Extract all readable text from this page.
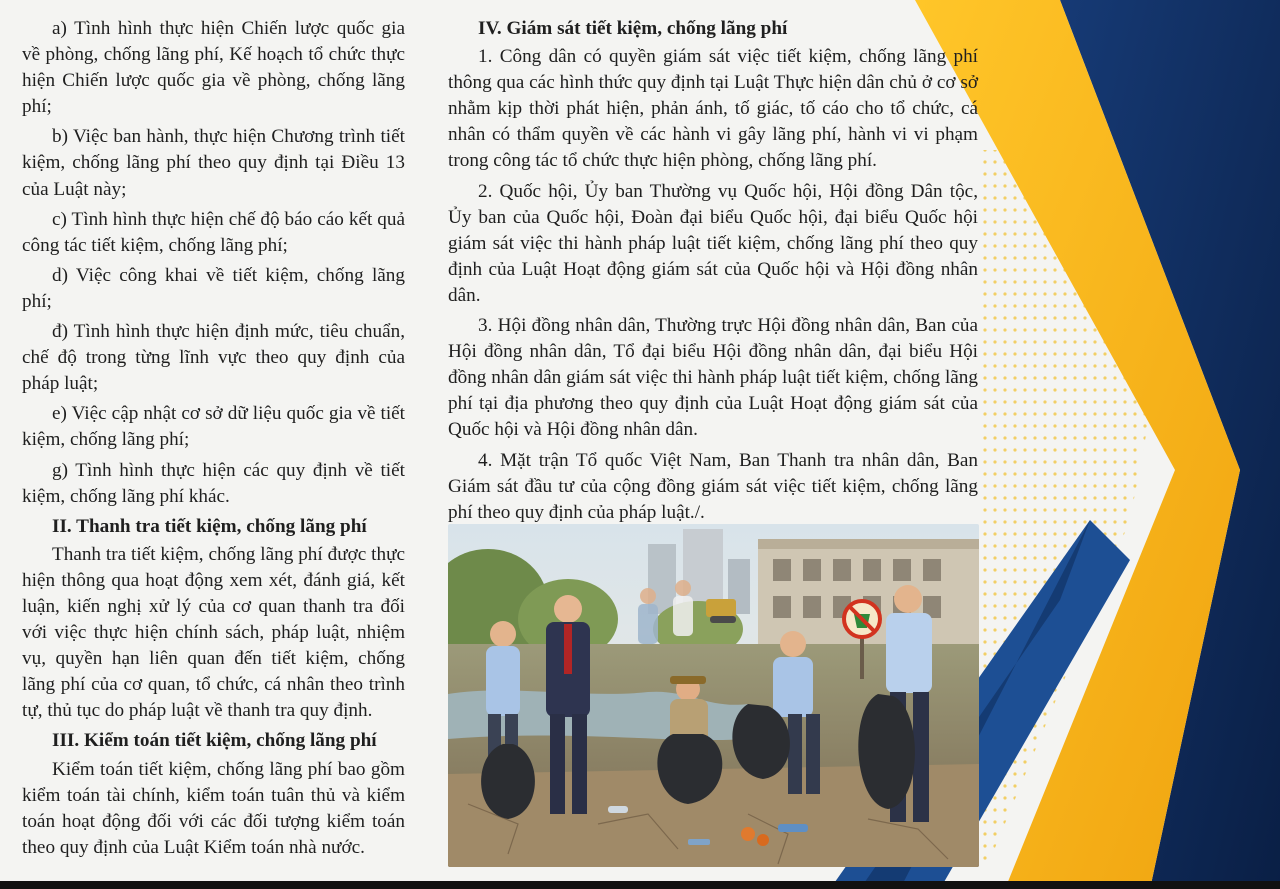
a) Tình hình thực hiện Chiến lược quốc gia về phòng, chống lãng phí, Kế hoạch tổ chức thực hiện Chiến lược quốc gia về phòng, chống lãng phí;

b) Việc ban hành, thực hiện Chương trình tiết kiệm, chống lãng phí theo quy định tại Điều 13 của Luật này;

c) Tình hình thực hiện chế độ báo cáo kết quả công tác tiết kiệm, chống lãng phí;

d) Việc công khai về tiết kiệm, chống lãng phí;

đ) Tình hình thực hiện định mức, tiêu chuẩn, chế độ trong từng lĩnh vực theo quy định của pháp luật;

e) Việc cập nhật cơ sở dữ liệu quốc gia về tiết kiệm, chống lãng phí;

g) Tình hình thực hiện các quy định về tiết kiệm, chống lãng phí khác.

II. Thanh tra tiết kiệm, chống lãng phí

Thanh tra tiết kiệm, chống lãng phí được thực hiện thông qua hoạt động xem xét, đánh giá, kết luận, kiến nghị xử lý của cơ quan thanh tra đối với việc thực hiện chính sách, pháp luật, nhiệm vụ, quyền hạn liên quan đến tiết kiệm, chống lãng phí của cơ quan, tổ chức, cá nhân theo trình tự, thủ tục do pháp luật về thanh tra quy định.

III. Kiểm toán tiết kiệm, chống lãng phí

Kiểm toán tiết kiệm, chống lãng phí bao gồm kiểm toán tài chính, kiểm toán tuân thủ và kiểm toán hoạt động đối với các đối tượng kiểm toán theo quy định của Luật Kiểm toán nhà nước.

IV. Giám sát tiết kiệm, chống lãng phí

1. Công dân có quyền giám sát việc tiết kiệm, chống lãng phí thông qua các hình thức quy định tại Luật Thực hiện dân chủ ở cơ sở nhằm kịp thời phát hiện, phản ánh, tố giác, tố cáo cho tổ chức, cá nhân có thẩm quyền về các hành vi gây lãng phí, hành vi vi phạm trong công tác tổ chức thực hiện phòng, chống lãng phí.

2. Quốc hội, Ủy ban Thường vụ Quốc hội, Hội đồng Dân tộc, Ủy ban của Quốc hội, Đoàn đại biểu Quốc hội, đại biểu Quốc hội giám sát việc thi hành pháp luật tiết kiệm, chống lãng phí theo quy định của Luật Hoạt động giám sát của Quốc hội và Hội đồng nhân dân.

3. Hội đồng nhân dân, Thường trực Hội đồng nhân dân, Ban của Hội đồng nhân dân, Tổ đại biểu Hội đồng nhân dân, đại biểu Hội đồng nhân dân giám sát việc thi hành pháp luật tiết kiệm, chống lãng phí tại địa phương theo quy định của Luật Hoạt động giám sát của Quốc hội và Hội đồng nhân dân.

4. Mặt trận Tổ quốc Việt Nam, Ban Thanh tra nhân dân, Ban Giám sát đầu tư của cộng đồng giám sát việc tiết kiệm, chống lãng phí theo quy định của pháp luật./.
